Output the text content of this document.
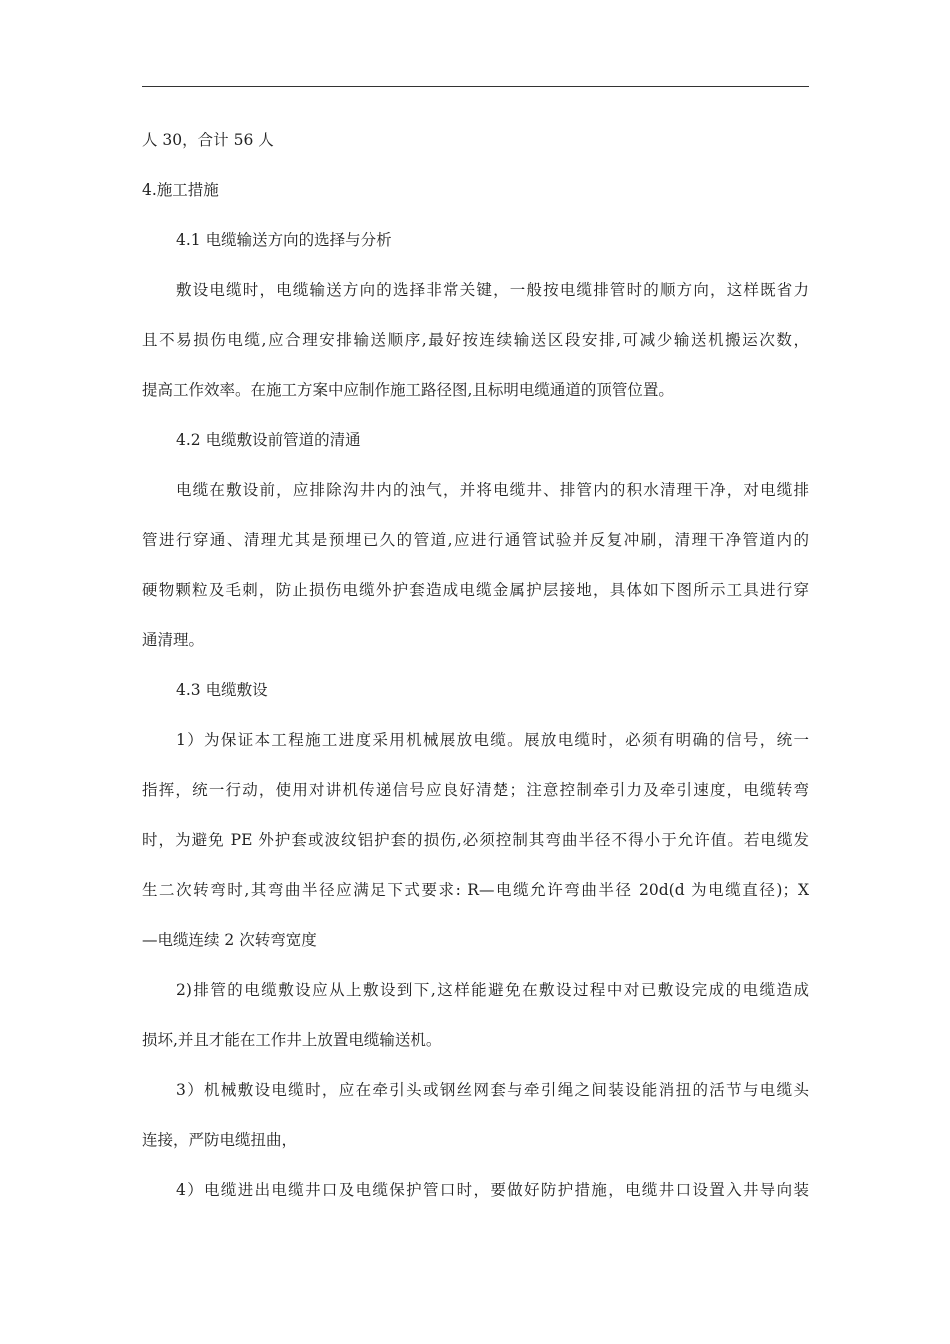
人 30，合计 56 人
4.施工措施
4.1 电缆输送方向的选择与分析
敷设电缆时，电缆输送方向的选择非常关键，一般按电缆排管时的顺方向，这样既省力
且不易损伤电缆,应合理安排输送顺序,最好按连续输送区段安排,可减少输送机搬运次数，
提高工作效率。在施工方案中应制作施工路径图,且标明电缆通道的顶管位置。
4.2 电缆敷设前管道的清通
电缆在敷设前，应排除沟井内的浊气，并将电缆井、排管内的积水清理干净，对电缆排
管进行穿通、清理尤其是预埋已久的管道,应进行通管试验并反复冲刷，清理干净管道内的
硬物颗粒及毛刺，防止损伤电缆外护套造成电缆金属护层接地，具体如下图所示工具进行穿
通清理。
4.3 电缆敷设
1）为保证本工程施工进度采用机械展放电缆。展放电缆时，必须有明确的信号，统一
指挥，统一行动，使用对讲机传递信号应良好清楚；注意控制牵引力及牵引速度，电缆转弯
时，为避免 PE 外护套或波纹铝护套的损伤,必须控制其弯曲半径不得小于允许值。若电缆发
生二次转弯时,其弯曲半径应满足下式要求: R—电缆允许弯曲半径 20d(d 为电缆直径)；X
—电缆连续 2 次转弯宽度
2)排管的电缆敷设应从上敷设到下,这样能避免在敷设过程中对已敷设完成的电缆造成
损坏,并且才能在工作井上放置电缆输送机。
3）机械敷设电缆时，应在牵引头或钢丝网套与牵引绳之间装设能消扭的活节与电缆头
连接，严防电缆扭曲，
4）电缆进出电缆井口及电缆保护管口时，要做好防护措施，电缆井口设置入井导向装
